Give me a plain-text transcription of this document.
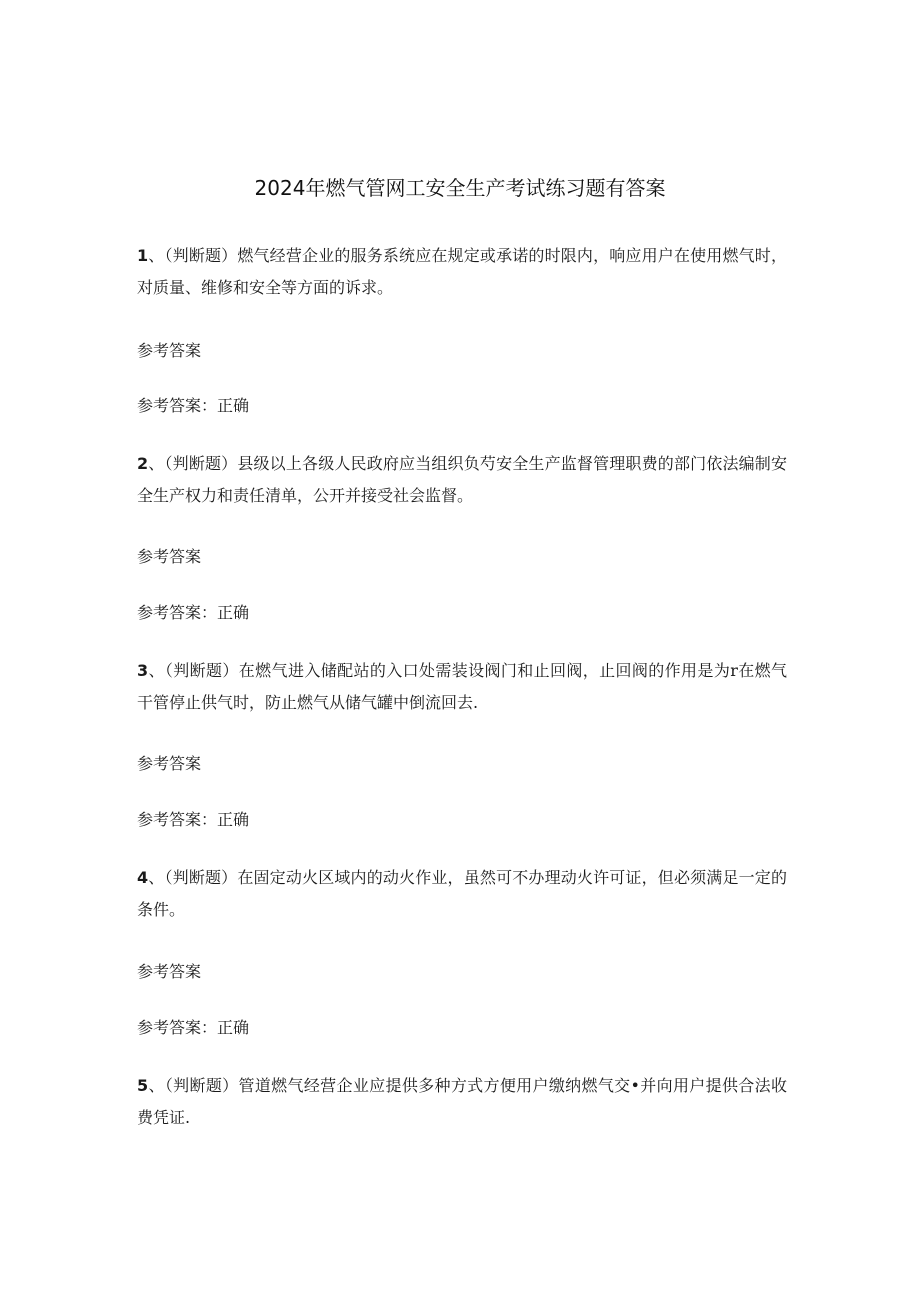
2024年燃气管网工安全生产考试练习题有答案
1、（判断题）燃气经营企业的服务系统应在规定或承诺的时限内，响应用户在使用燃气时，对质量、维修和安全等方面的诉求。
参考答案
参考答案：正确
2、（判断题）县级以上各级人民政府应当组织负芍安全生产监督管理职费的部门依法编制安全生产权力和责任清单，公开并接受社会监督。
参考答案
参考答案：正确
3、（判断题）在燃气进入储配站的入口处需装设阀门和止回阀，止回阀的作用是为r在燃气干管停止供气时，防止燃气从储气罐中倒流回去.
参考答案
参考答案：正确
4、（判断题）在固定动火区域内的动火作业，虽然可不办理动火许可证，但必须满足一定的条件。
参考答案
参考答案：正确
5、（判断题）管道燃气经营企业应提供多种方式方便用户缴纳燃气交•并向用户提供合法收费凭证.
